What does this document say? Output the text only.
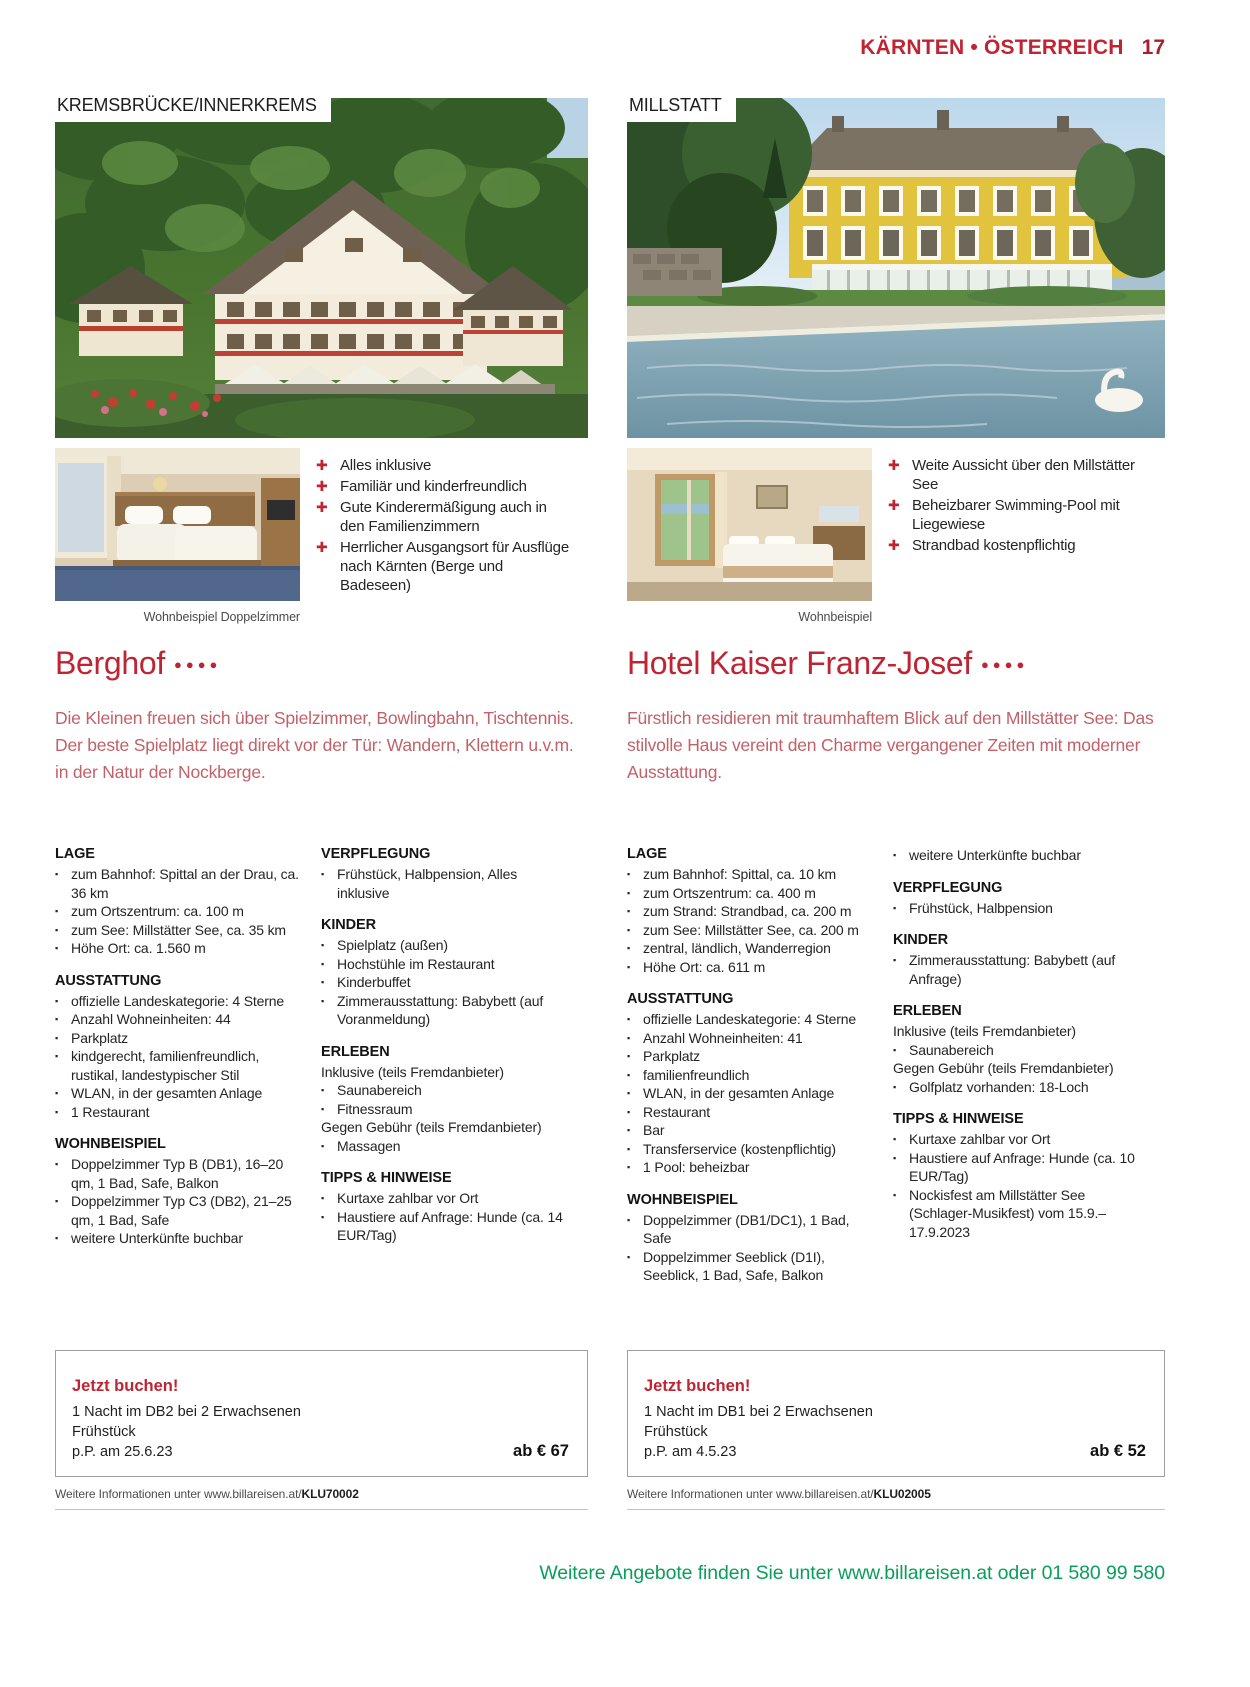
KÄRNTEN • ÖSTERREICH 17
KREMSBRÜCKE/INNERKREMS	MILLSTATT
Wohnbeispiel Doppelzimmer
✚ Alles inklusive
✚ Familiär und kinderfreundlich
✚ Gute Kinderermäßigung auch in den Familienzimmern
✚ Herrlicher Ausgangsort für Ausflüge nach Kärnten (Berge und Badeseen)
Wohnbeispiel
✚ Weite Aussicht über den Millstätter See
✚ Beheizbarer Swimming-Pool mit Liegewiese
✚ Strandbad kostenpflichtig
Berghof ●●●●	Hotel Kaiser Franz-Josef ●●●●

Die Kleinen freuen sich über Spielzimmer, Bowlingbahn, Tischtennis. Der beste Spielplatz liegt direkt vor der Tür: Wandern, Klettern u.v.m. in der Natur der Nockberge.

Fürstlich residieren mit traumhaftem Blick auf den Millstätter See: Das stilvolle Haus vereint den Charme vergangener Zeiten mit moderner Ausstattung.

LAGE
▪ zum Bahnhof: Spittal an der Drau, ca. 36 km
▪ zum Ortszentrum: ca. 100 m
▪ zum See: Millstätter See, ca. 35 km
▪ Höhe Ort: ca. 1.560 m
AUSSTATTUNG
▪ offizielle Landeskategorie: 4 Sterne
▪ Anzahl Wohneinheiten: 44
▪ Parkplatz
▪ kindgerecht, familienfreundlich, rustikal, landestypischer Stil
▪ WLAN, in der gesamten Anlage
▪ 1 Restaurant
WOHNBEISPIEL
▪ Doppelzimmer Typ B (DB1), 16–20 qm, 1 Bad, Safe, Balkon
▪ Doppelzimmer Typ C3 (DB2), 21–25 qm, 1 Bad, Safe
▪ weitere Unterkünfte buchbar
VERPFLEGUNG
▪ Frühstück, Halbpension, Alles inklusive
KINDER
▪ Spielplatz (außen)
▪ Hochstühle im Restaurant
▪ Kinderbuffet
▪ Zimmerausstattung: Babybett (auf Voranmeldung)
ERLEBEN
Inklusive (teils Fremdanbieter)
▪ Saunabereich
▪ Fitnessraum
Gegen Gebühr (teils Fremdanbieter)
▪ Massagen
TIPPS & HINWEISE
▪ Kurtaxe zahlbar vor Ort
▪ Haustiere auf Anfrage: Hunde (ca. 14 EUR/Tag)
LAGE
▪ zum Bahnhof: Spittal, ca. 10 km
▪ zum Ortszentrum: ca. 400 m
▪ zum Strand: Strandbad, ca. 200 m
▪ zum See: Millstätter See, ca. 200 m
▪ zentral, ländlich, Wanderregion
▪ Höhe Ort: ca. 611 m
AUSSTATTUNG
▪ offizielle Landeskategorie: 4 Sterne
▪ Anzahl Wohneinheiten: 41
▪ Parkplatz
▪ familienfreundlich
▪ WLAN, in der gesamten Anlage
▪ Restaurant
▪ Bar
▪ Transferservice (kostenpflichtig)
▪ 1 Pool: beheizbar
WOHNBEISPIEL
▪ Doppelzimmer (DB1/DC1), 1 Bad, Safe
▪ Doppelzimmer Seeblick (D1I), Seeblick, 1 Bad, Safe, Balkon
▪ weitere Unterkünfte buchbar
VERPFLEGUNG
▪ Frühstück, Halbpension
KINDER
▪ Zimmerausstattung: Babybett (auf Anfrage)
ERLEBEN
Inklusive (teils Fremdanbieter)
▪ Saunabereich
Gegen Gebühr (teils Fremdanbieter)
▪ Golfplatz vorhanden: 18-Loch
TIPPS & HINWEISE
▪ Kurtaxe zahlbar vor Ort
▪ Haustiere auf Anfrage: Hunde (ca. 10 EUR/Tag)
▪ Nockisfest am Millstätter See (Schlager-Musikfest) vom 15.9.–17.9.2023
Jetzt buchen!
1 Nacht im DB2 bei 2 Erwachsenen
Frühstück
p.P. am 25.6.23	ab € 67
Weitere Informationen unter www.billareisen.at/KLU70002
Jetzt buchen!
1 Nacht im DB1 bei 2 Erwachsenen
Frühstück
p.P. am 4.5.23	ab € 52
Weitere Informationen unter www.billareisen.at/KLU02005
Weitere Angebote finden Sie unter www.billareisen.at oder 01 580 99 580
